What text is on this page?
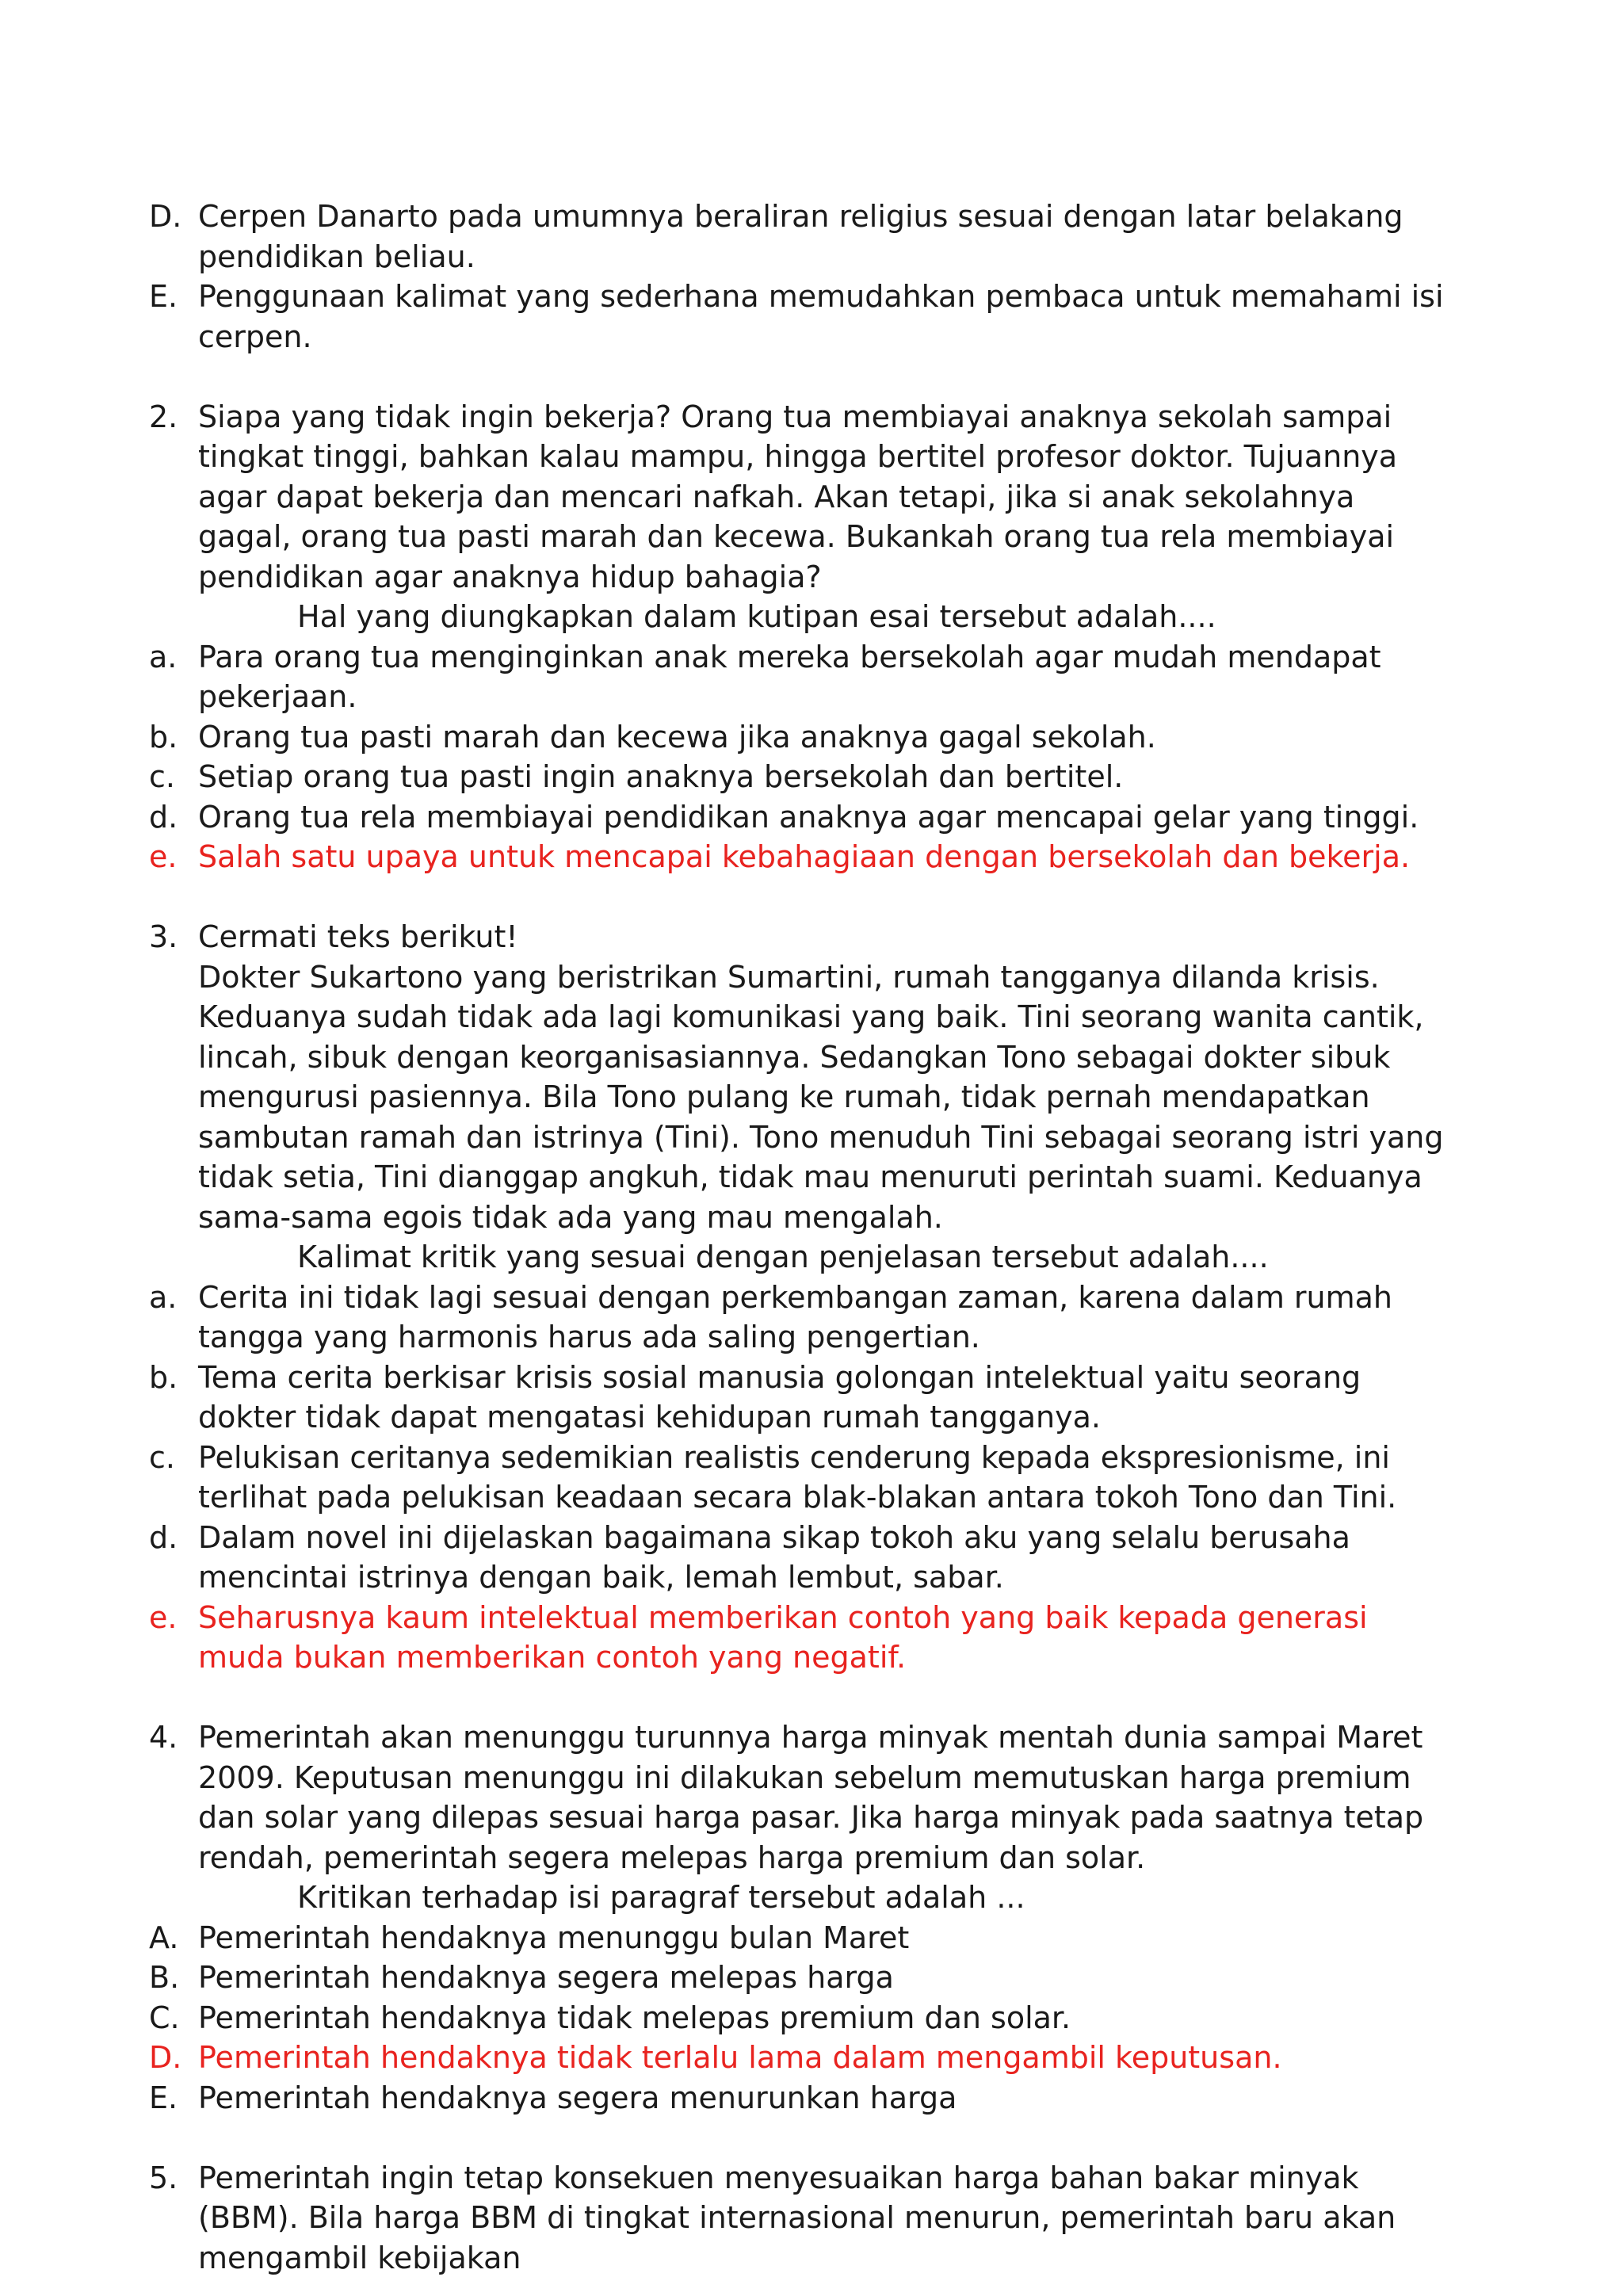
D. Cerpen Danarto pada umumnya beraliran religius sesuai dengan latar belakang pendidikan beliau.
E. Penggunaan kalimat yang sederhana memudahkan pembaca untuk memahami isi cerpen.
2. Siapa yang tidak ingin bekerja? Orang tua membiayai anaknya sekolah sampai tingkat tinggi, bahkan kalau mampu, hingga bertitel profesor doktor. Tujuannya agar dapat bekerja dan mencari nafkah. Akan tetapi, jika si anak sekolahnya gagal, orang tua pasti marah dan kecewa. Bukankah orang tua rela membiayai pendidikan agar anaknya hidup bahagia?
Hal yang diungkapkan dalam kutipan esai tersebut adalah....
a. Para orang tua menginginkan anak mereka bersekolah agar mudah mendapat pekerjaan.
b. Orang tua pasti marah dan kecewa jika anaknya gagal sekolah.
c. Setiap orang tua pasti ingin anaknya bersekolah dan bertitel.
d. Orang tua rela membiayai pendidikan anaknya agar mencapai gelar yang tinggi.
e. Salah satu upaya untuk mencapai kebahagiaan dengan bersekolah dan bekerja.
3. Cermati teks berikut!
Dokter Sukartono yang beristrikan Sumartini, rumah tangganya dilanda krisis. Keduanya sudah tidak ada lagi komunikasi yang baik. Tini seorang wanita cantik, lincah, sibuk dengan keorganisasiannya. Sedangkan Tono sebagai dokter sibuk mengurusi pasiennya. Bila Tono pulang ke rumah, tidak pernah mendapatkan sambutan ramah dan istrinya (Tini). Tono menuduh Tini sebagai seorang istri yang tidak setia, Tini dianggap angkuh, tidak mau menuruti perintah suami. Keduanya sama-sama egois tidak ada yang mau mengalah.
Kalimat kritik yang sesuai dengan penjelasan tersebut adalah....
a. Cerita ini tidak lagi sesuai dengan perkembangan zaman, karena dalam rumah tangga yang harmonis harus ada saling pengertian.
b. Tema cerita berkisar krisis sosial manusia golongan intelektual yaitu seorang dokter tidak dapat mengatasi kehidupan rumah tangganya.
c. Pelukisan ceritanya sedemikian realistis cenderung kepada ekspresionisme, ini terlihat pada pelukisan keadaan secara blak-blakan antara tokoh Tono dan Tini.
d. Dalam novel ini dijelaskan bagaimana sikap tokoh aku yang selalu berusaha mencintai istrinya dengan baik, lemah lembut, sabar.
e. Seharusnya kaum intelektual memberikan contoh yang baik kepada generasi muda bukan memberikan contoh yang negatif.
4. Pemerintah akan menunggu turunnya harga minyak mentah dunia sampai Maret 2009. Keputusan menunggu ini dilakukan sebelum memutuskan harga premium dan solar yang dilepas sesuai harga pasar. Jika harga minyak pada saatnya tetap rendah, pemerintah segera melepas harga premium dan solar.
Kritikan terhadap isi paragraf tersebut adalah ...
A. Pemerintah hendaknya menunggu bulan Maret
B. Pemerintah hendaknya segera melepas harga
C. Pemerintah hendaknya tidak melepas premium dan solar.
D. Pemerintah hendaknya tidak terlalu lama dalam mengambil keputusan.
E. Pemerintah hendaknya segera menurunkan harga
5. Pemerintah ingin tetap konsekuen menyesuaikan harga bahan bakar minyak (BBM). Bila harga BBM di tingkat internasional menurun, pemerintah baru akan mengambil kebijakan
